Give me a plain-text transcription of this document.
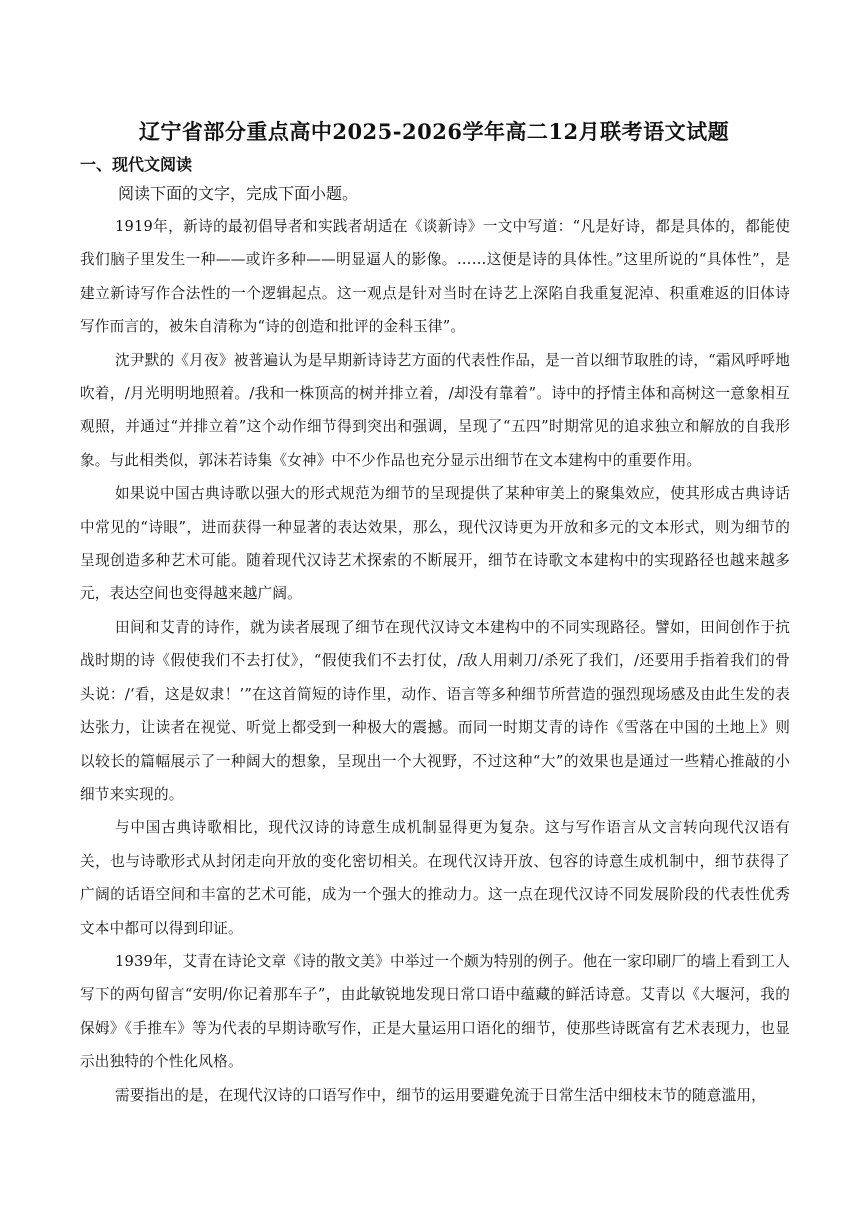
辽宁省部分重点高中2025-2026学年高二12月联考语文试题
一、现代文阅读
阅读下面的文字，完成下面小题。

1919年，新诗的最初倡导者和实践者胡适在《谈新诗》一文中写道：“凡是好诗，都是具体的，都能使我们脑子里发生一种——或许多种——明显逼人的影像。……这便是诗的具体性。”这里所说的“具体性”，是建立新诗写作合法性的一个逻辑起点。这一观点是针对当时在诗艺上深陷自我重复泥淖、积重难返的旧体诗写作而言的，被朱自清称为“诗的创造和批评的金科玉律”。

沈尹默的《月夜》被普遍认为是早期新诗诗艺方面的代表性作品，是一首以细节取胜的诗，“霜风呼呼地吹着，/月光明明地照着。/我和一株顶高的树并排立着，/却没有靠着”。诗中的抒情主体和高树这一意象相互观照，并通过“并排立着”这个动作细节得到突出和强调，呈现了“五四”时期常见的追求独立和解放的自我形象。与此相类似，郭沫若诗集《女神》中不少作品也充分显示出细节在文本建构中的重要作用。

如果说中国古典诗歌以强大的形式规范为细节的呈现提供了某种审美上的聚集效应，使其形成古典诗话中常见的“诗眼”，进而获得一种显著的表达效果，那么，现代汉诗更为开放和多元的文本形式，则为细节的呈现创造多种艺术可能。随着现代汉诗艺术探索的不断展开，细节在诗歌文本建构中的实现路径也越来越多元，表达空间也变得越来越广阔。

田间和艾青的诗作，就为读者展现了细节在现代汉诗文本建构中的不同实现路径。譬如，田间创作于抗战时期的诗《假使我们不去打仗》，“假使我们不去打仗，/敌人用刺刀/杀死了我们，/还要用手指着我们的骨头说：/‘看，这是奴隶！’”在这首简短的诗作里，动作、语言等多种细节所营造的强烈现场感及由此生发的表达张力，让读者在视觉、听觉上都受到一种极大的震撼。而同一时期艾青的诗作《雪落在中国的土地上》则以较长的篇幅展示了一种阔大的想象，呈现出一个大视野，不过这种“大”的效果也是通过一些精心推敲的小细节来实现的。

与中国古典诗歌相比，现代汉诗的诗意生成机制显得更为复杂。这与写作语言从文言转向现代汉语有关，也与诗歌形式从封闭走向开放的变化密切相关。在现代汉诗开放、包容的诗意生成机制中，细节获得了广阔的话语空间和丰富的艺术可能，成为一个强大的推动力。这一点在现代汉诗不同发展阶段的代表性优秀文本中都可以得到印证。

1939年，艾青在诗论文章《诗的散文美》中举过一个颇为特别的例子。他在一家印刷厂的墙上看到工人写下的两句留言“安明/你记着那车子”，由此敏锐地发现日常口语中蕴藏的鲜活诗意。艾青以《大堰河，我的保姆》《手推车》等为代表的早期诗歌写作，正是大量运用口语化的细节，使那些诗既富有艺术表现力，也显示出独特的个性化风格。

需要指出的是，在现代汉诗的口语写作中，细节的运用要避免流于日常生活中细枝末节的随意滥用，
